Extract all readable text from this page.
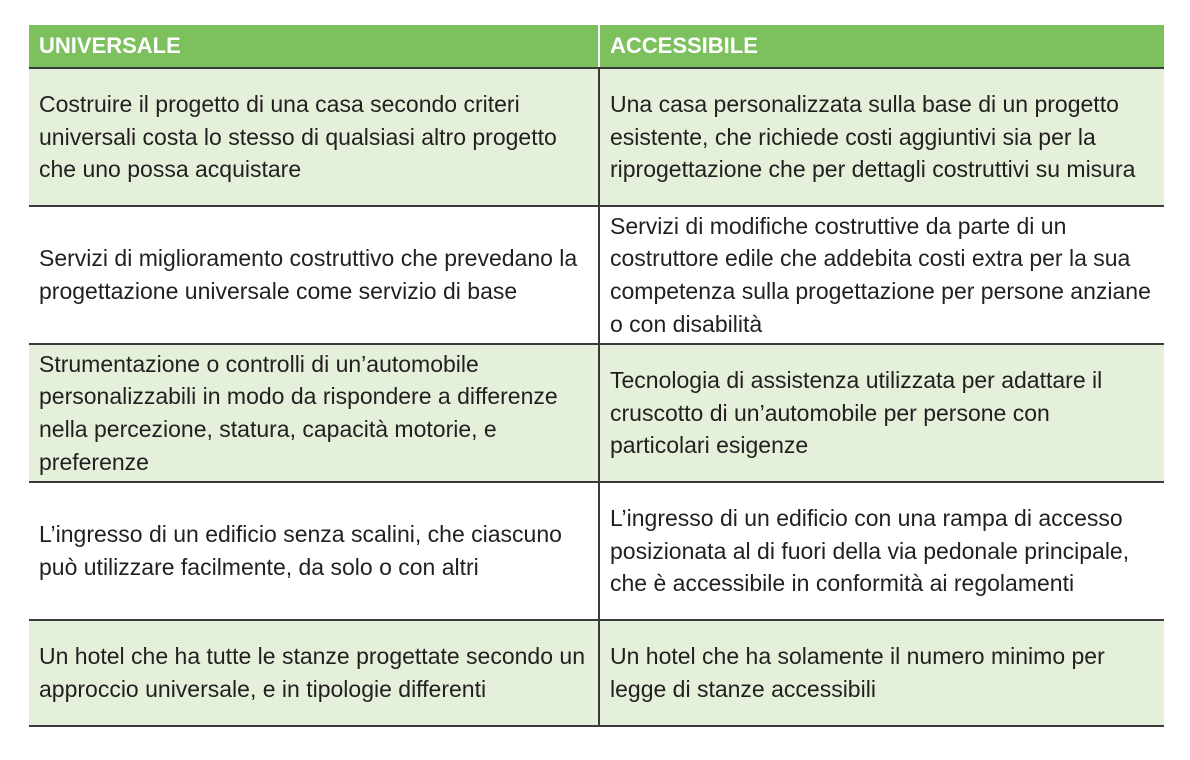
UNIVERSALE	ACCESSIBILE
Costruire il progetto di una casa secondo criteri universali costa lo stesso di qualsiasi altro progetto che uno possa acquistare	Una casa personalizzata sulla base di un progetto esistente, che richiede costi aggiuntivi sia per la riprogettazione che per dettagli costruttivi su misura
Servizi di miglioramento costruttivo che prevedano la progettazione universale come servizio di base	Servizi di modifiche costruttive da parte di un costruttore edile che addebita costi extra per la sua competenza sulla progettazione per persone anziane o con disabilità
Strumentazione o controlli di un’automobile personalizzabili in modo da rispondere a differenze nella percezione, statura, capacità motorie, e preferenze	Tecnologia di assistenza utilizzata per adattare il cruscotto di un’automobile per persone con particolari esigenze
L’ingresso di un edificio senza scalini, che ciascuno può utilizzare facilmente, da solo o con altri	L’ingresso di un edificio con una rampa di accesso posizionata al di fuori della via pedonale principale, che è accessibile in conformità ai regolamenti
Un hotel che ha tutte le stanze progettate secondo un approccio universale, e in tipologie differenti	Un hotel che ha solamente il numero minimo per legge di stanze accessibili
